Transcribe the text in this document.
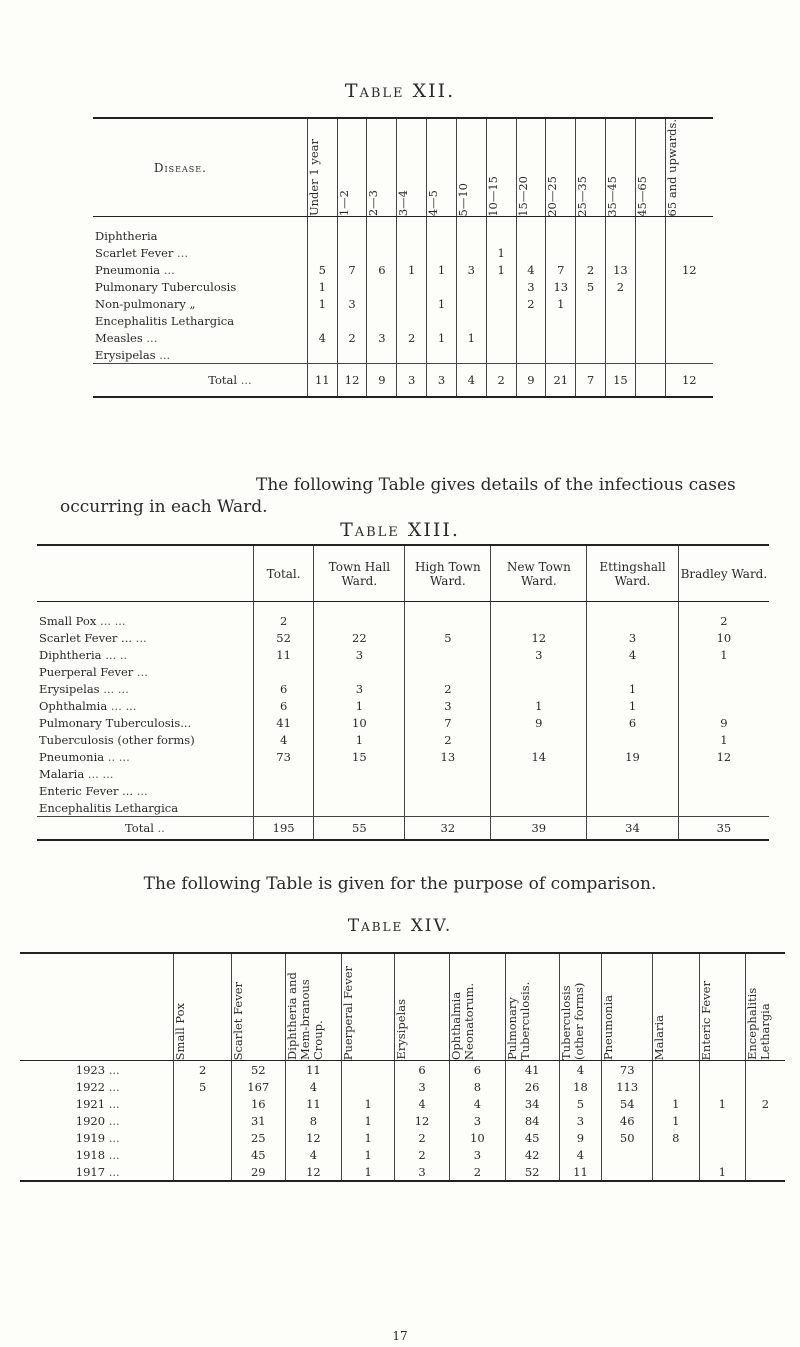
Table XII.
Disease.		Under 1 year	1—2	2—3	3—4	4—5	5—10	10—15	15—20	20—25	25—35	35—45	45—65	65 and upwards.

Diphtheria														
Scarlet Fever ...								1						
Pneumonia ...		5	7	6	1	1	3	1	4	7	2	13		12
Pulmonary Tuberculosis		1							3	13	5	2		
Non-pulmonary „		1	3			1			2	1				
Encephalitis Lethargica														
Measles ...		4	2	3	2	1	1							
Erysipelas ...														
Total ...		11	12	9	3	3	4	2	9	21	7	15		12
The following Table gives details of the infectious cases occurring in each Ward.
Table XIII.
	Total.	Town Hall Ward.	High Town Ward.	New Town Ward.	Ettingshall Ward.	Bradley Ward.
Small Pox ... ...	2					2
Scarlet Fever ... ...	52	22	5	12	3	10
Diphtheria ... ..	11	3		3	4	1
Puerperal Fever ...						
Erysipelas ... ...	6	3	2		1	
Ophthalmia ... ...	6	1	3	1	1	
Pulmonary Tuberculosis...	41	10	7	9	6	9
Tuberculosis (other forms)	4	1	2			1
Pneumonia .. ...	73	15	13	14	19	12
Malaria ... ...						
Enteric Fever ... ...						
Encephalitis Lethargica						
Total ..	195	55	32	39	34	35
The following Table is given for the purpose of comparison.
Table XIV.

	Small Pox	Scarlet Fever	Diphtheria and Mem-branous Croup.	Puerperal Fever	Erysipelas	Ophthalmia Neonatorum.	Pulmonary Tuberculosis.	Tuberculosis (other forms)	Pneumonia	Malaria	Enteric Fever	Encephalitis Lethargia

1923 ...	2	52	11		6	6	41	4	73			
1922 ...	5	167	4		3	8	26	18	113			
1921 ...		16	11	1	4	4	34	5	54	1	1	2
1920 ...		31	8	1	12	3	84	3	46	1		
1919 ...		25	12	1	2	10	45	9	50	8		
1918 ...		45	4	1	2	3	42	4				
1917 ...		29	12	1	3	2	52	11			1	
17
